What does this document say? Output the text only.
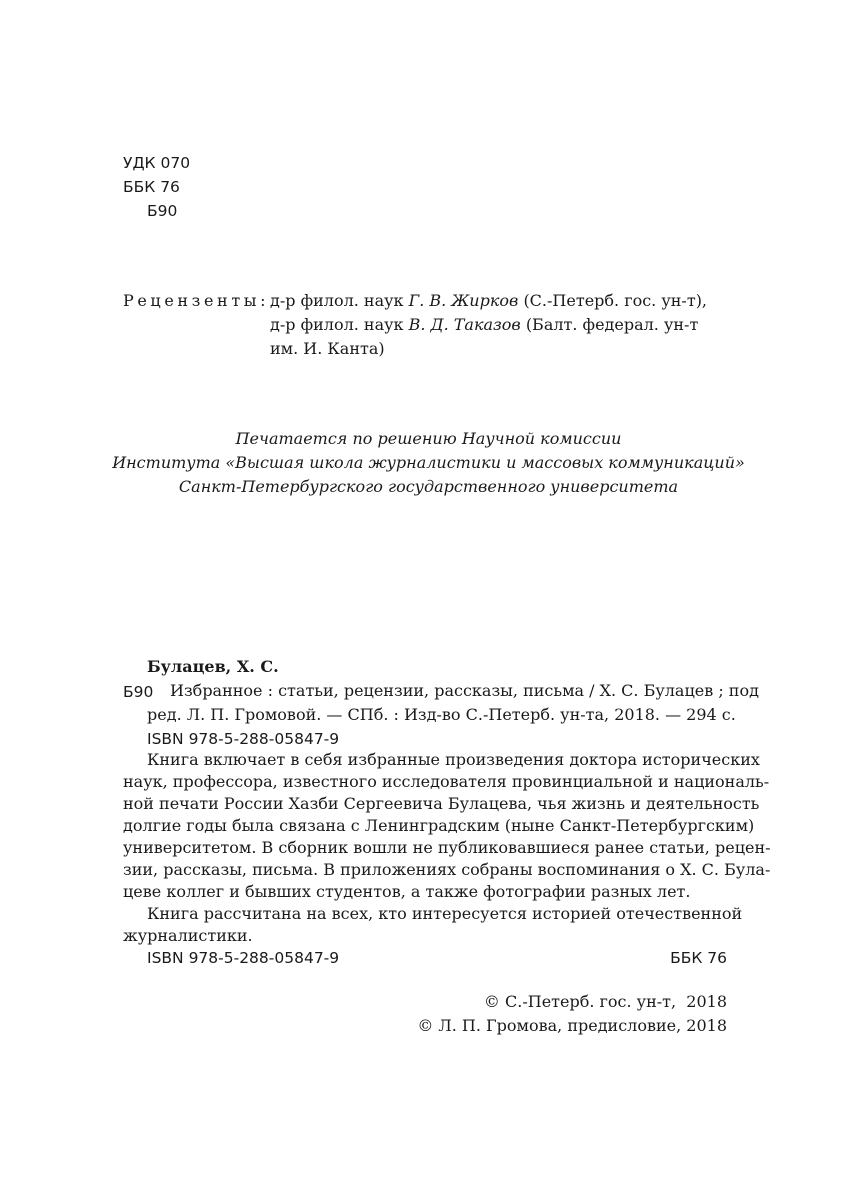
УДК 070
ББК 76
Б90
Рецензенты: д-р филол. наук Г. В. Жирков (С.-Петерб. гос. ун-т),
д-р филол. наук В. Д. Таказов (Балт. федерал. ун-т
им. И. Канта)
Печатается по решению Научной комиссии
Института «Высшая школа журналистики и массовых коммуникаций»
Санкт-Петербургского государственного университета
Булацев, Х. С.
Б90 Избранное : статьи, рецензии, рассказы, письма / Х. С. Булацев ; под
ред. Л. П. Громовой. — СПб. : Изд-во С.-Петерб. ун-та, 2018. — 294 с.
ISBN 978-5-288-05847-9
Книга включает в себя избранные произведения доктора исторических
наук, профессора, известного исследователя провинциальной и националь-
ной печати России Хазби Сергеевича Булацева, чья жизнь и деятельность
долгие годы была связана с Ленинградским (ныне Санкт-Петербургским)
университетом. В сборник вошли не публиковавшиеся ранее статьи, рецен-
зии, рассказы, письма. В приложениях собраны воспоминания о Х. С. Була-
цеве коллег и бывших студентов, а также фотографии разных лет.
Книга рассчитана на всех, кто интересуется историей отечественной
журналистики.
ISBN 978-5-288-05847-9	ББК 76
© С.-Петерб. гос. ун-т,  2018
© Л. П. Громова, предисловие, 2018
